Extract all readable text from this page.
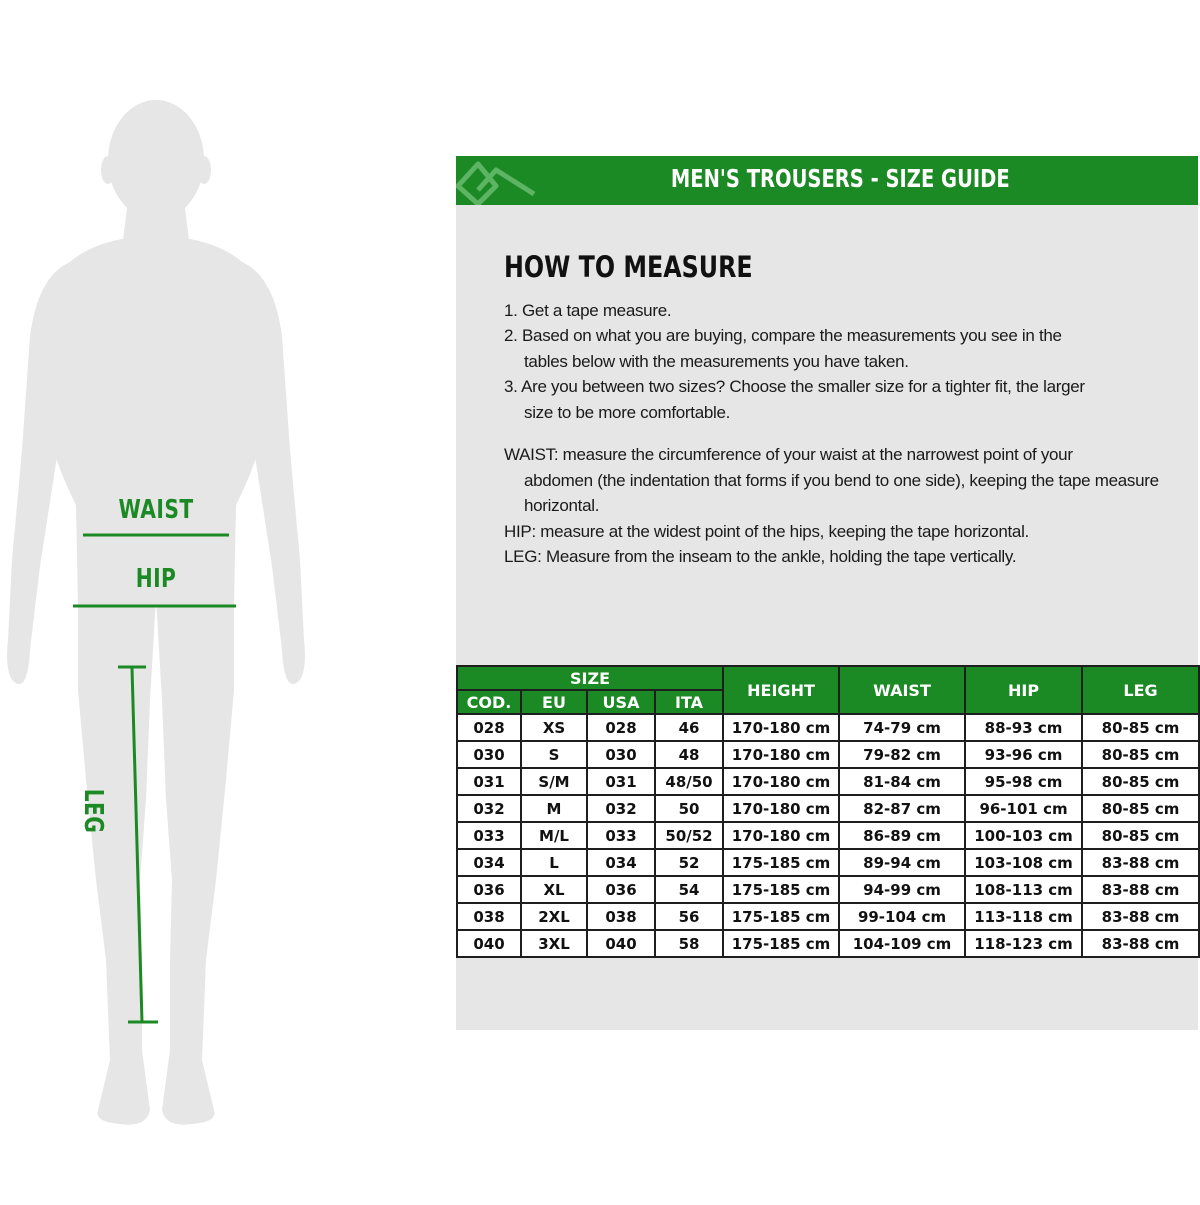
WAIST
HIP
LEG
MEN'S TROUSERS - SIZE GUIDE
HOW TO MEASURE

1. Get a tape measure.

2. Based on what you are buying, compare the measurements you see in the
tables below with the measurements you have taken.

3. Are you between two sizes? Choose the smaller size for a tighter fit, the larger
size to be more comfortable.

WAIST: measure the circumference of your waist at the narrowest point of your
abdomen (the indentation that forms if you bend to one side), keeping the tape measure horizontal.

HIP: measure at the widest point of the hips, keeping the tape horizontal.

LEG: Measure from the inseam to the ankle, holding the tape vertically.

SIZE				HEIGHT	WAIST	HIP	LEG
COD.	EU	USA	ITA				
028	XS	028	46	170-180 cm	74-79 cm	88-93 cm	80-85 cm
030	S	030	48	170-180 cm	79-82 cm	93-96 cm	80-85 cm
031	S/M	031	48/50	170-180 cm	81-84 cm	95-98 cm	80-85 cm
032	M	032	50	170-180 cm	82-87 cm	96-101 cm	80-85 cm
033	M/L	033	50/52	170-180 cm	86-89 cm	100-103 cm	80-85 cm
034	L	034	52	175-185 cm	89-94 cm	103-108 cm	83-88 cm
036	XL	036	54	175-185 cm	94-99 cm	108-113 cm	83-88 cm
038	2XL	038	56	175-185 cm	99-104 cm	113-118 cm	83-88 cm
040	3XL	040	58	175-185 cm	104-109 cm	118-123 cm	83-88 cm
